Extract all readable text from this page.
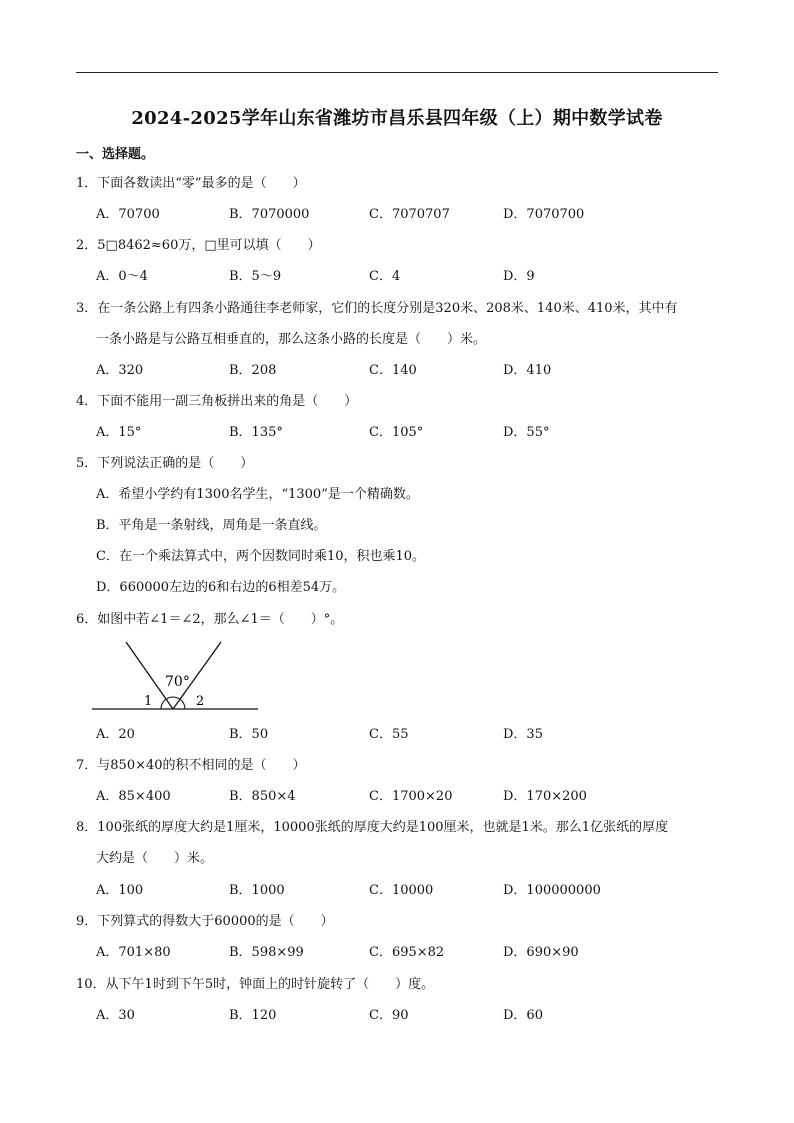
2024-2025学年山东省潍坊市昌乐县四年级（上）期中数学试卷
一、选择题。
1．下面各数读出“零”最多的是（　　）
A．70700	B．7070000	C．7070707	D．7070700
2．5□8462≈60万，□里可以填（　　）
A．0～4	B．5～9	C．4	D．9
3．在一条公路上有四条小路通往李老师家，它们的长度分别是320米、208米、140米、410米，其中有
一条小路是与公路互相垂直的，那么这条小路的长度是（　　）米。
A．320	B．208	C．140	D．410
4．下面不能用一副三角板拼出来的角是（　　）
A．15°	B．135°	C．105°	D．55°
5．下列说法正确的是（　　）
A．希望小学约有1300名学生，“1300”是一个精确数。
B．平角是一条射线，周角是一条直线。
C．在一个乘法算式中，两个因数同时乘10，积也乘10。
D．660000左边的6和右边的6相差54万。
6．如图中若∠1＝∠2，那么∠1＝（　　）°。
70°
1	2
A．20	B．50	C．55	D．35
7．与850×40的积不相同的是（　　）
A．85×400	B．850×4	C．1700×20	D．170×200
8．100张纸的厚度大约是1厘米，10000张纸的厚度大约是100厘米，也就是1米。那么1亿张纸的厚度
大约是（　　）米。
A．100	B．1000	C．10000	D．100000000
9．下列算式的得数大于60000的是（　　）
A．701×80	B．598×99	C．695×82	D．690×90
10．从下午1时到下午5时，钟面上的时针旋转了（　　）度。
A．30	B．120	C．90	D．60
